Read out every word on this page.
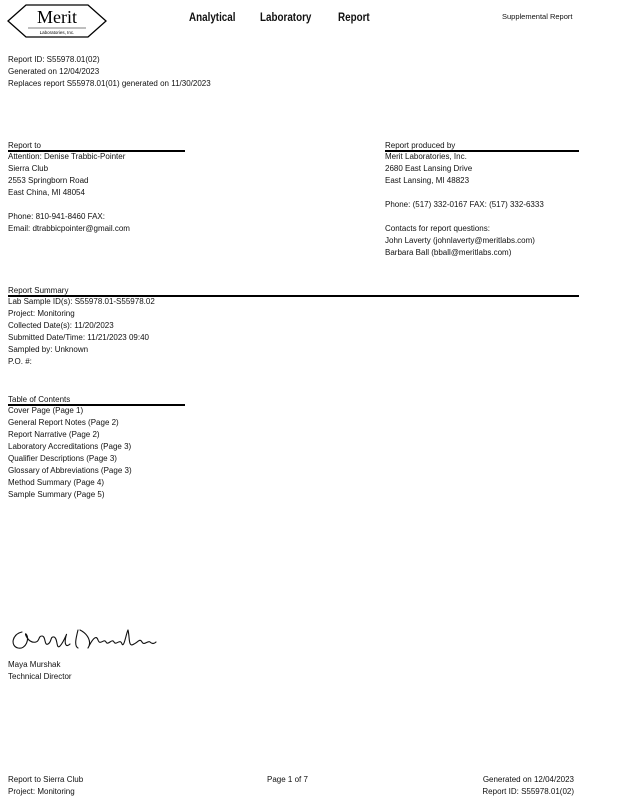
Merit
Laboratories, Inc.
Analytical Laboratory Report	Supplemental Report
Report ID: S55978.01(02)
Generated on 12/04/2023
Replaces report S55978.01(01) generated on 11/30/2023
Report to
Attention: Denise Trabbic-Pointer
Sierra Club
2553 Springborn Road
East China, MI 48054
Phone: 810-941-8460 FAX:
Email: dtrabbicpointer@gmail.com
Report produced by
Merit Laboratories, Inc.
2680 East Lansing Drive
East Lansing, MI 48823
Phone: (517) 332-0167 FAX: (517) 332-6333
Contacts for report questions:
John Laverty (johnlaverty@meritlabs.com)
Barbara Ball (bball@meritlabs.com)
Report Summary
Lab Sample ID(s): S55978.01-S55978.02
Project: Monitoring
Collected Date(s): 11/20/2023
Submitted Date/Time: 11/21/2023 09:40
Sampled by: Unknown
P.O. #:
Table of Contents
Cover Page (Page 1)
General Report Notes (Page 2)
Report Narrative (Page 2)
Laboratory Accreditations (Page 3)
Qualifier Descriptions (Page 3)
Glossary of Abbreviations (Page 3)
Method Summary (Page 4)
Sample Summary (Page 5)
Maya Murshak
Technical Director
Report to Sierra Club
Project: Monitoring
Page 1 of 7	Generated on 12/04/2023
Report ID: S55978.01(02)
